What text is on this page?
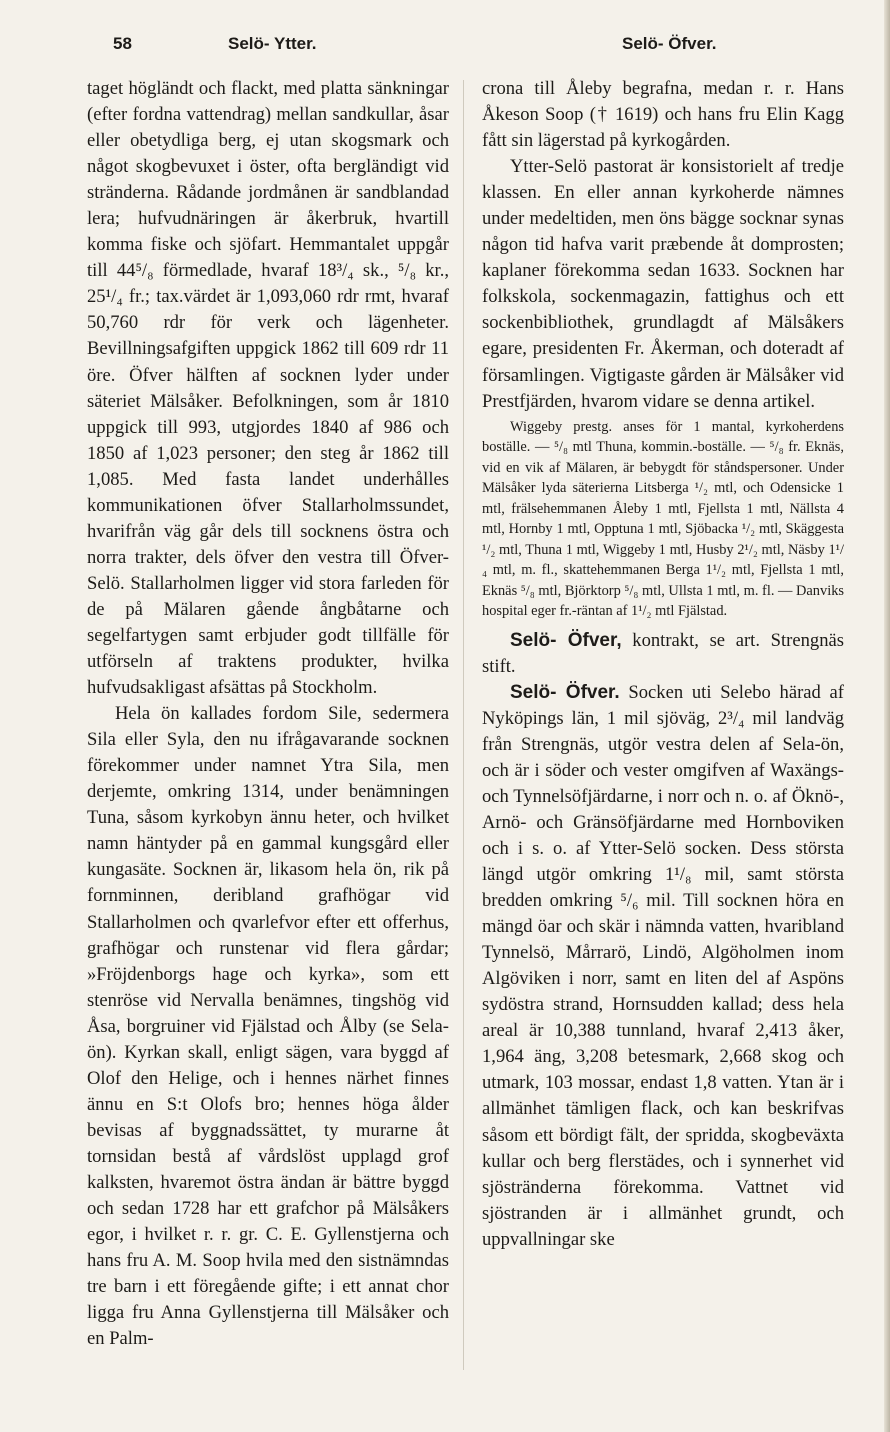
58	Selö- Ytter.	Selö- Öfver.

taget högländt och flackt, med platta sänkningar (efter fordna vattendrag) mellan sandkullar, åsar eller obetydliga berg, ej utan skogsmark och något skogbevuxet i öster, ofta bergländigt vid stränderna. Rådande jordmånen är sandblandad lera; hufvudnäringen är åkerbruk, hvartill komma fiske och sjöfart. Hemmantalet uppgår till 44⁵/₈ förmedlade, hvaraf 18³/₄ sk., ⁵/₈ kr., 25¹/₄ fr.; tax.värdet är 1,093,060 rdr rmt, hvaraf 50,760 rdr för verk och lägenheter. Bevillningsafgiften uppgick 1862 till 609 rdr 11 öre. Öfver hälften af socknen lyder under säteriet Mälsåker. Befolkningen, som år 1810 uppgick till 993, utgjordes 1840 af 986 och 1850 af 1,023 personer; den steg år 1862 till 1,085. Med fasta landet underhålles kommunikationen öfver Stallarholmssundet, hvarifrån väg går dels till socknens östra och norra trakter, dels öfver den vestra till Öfver-Selö. Stallarholmen ligger vid stora farleden för de på Mälaren gående ångbåtarne och segelfartygen samt erbjuder godt tillfälle för utförseln af traktens produkter, hvilka hufvudsakligast afsättas på Stockholm.

Hela ön kallades fordom Sile, sedermera Sila eller Syla, den nu ifrågavarande socknen förekommer under namnet Ytra Sila, men derjemte, omkring 1314, under benämningen Tuna, såsom kyrkobyn ännu heter, och hvilket namn häntyder på en gammal kungsgård eller kungasäte. Socknen är, likasom hela ön, rik på fornminnen, deribland grafhögar vid Stallarholmen och qvarlefvor efter ett offerhus, grafhögar och runstenar vid flera gårdar; »Fröjdenborgs hage och kyrka», som ett stenröse vid Nervalla benämnes, tingshög vid Åsa, borgruiner vid Fjälstad och Ålby (se Sela-ön). Kyrkan skall, enligt sägen, vara byggd af Olof den Helige, och i hennes närhet finnes ännu en S:t Olofs bro; hennes höga ålder bevisas af byggnadssättet, ty murarne åt tornsidan bestå af vårdslöst upplagd grof kalksten, hvaremot östra ändan är bättre byggd och sedan 1728 har ett grafchor på Mälsåkers egor, i hvilket r. r. gr. C. E. Gyllenstjerna och hans fru A. M. Soop hvila med den sistnämndas tre barn i ett föregående gifte; i ett annat chor ligga fru Anna Gyllenstjerna till Mälsåker och en Palm-

crona till Åleby begrafna, medan r. r. Hans Åkeson Soop († 1619) och hans fru Elin Kagg fått sin lägerstad på kyrkogården.

Ytter-Selö pastorat är konsistorielt af tredje klassen. En eller annan kyrkoherde nämnes under medeltiden, men öns bägge socknar synas någon tid hafva varit præbende åt domprosten; kaplaner förekomma sedan 1633. Socknen har folkskola, sockenmagazin, fattighus och ett sockenbibliothek, grundlagdt af Mälsåkers egare, presidenten Fr. Åkerman, och doteradt af församlingen. Vigtigaste gården är Mälsåker vid Prestfjärden, hvarom vidare se denna artikel.

Wiggeby prestg. anses för 1 mantal, kyrkoherdens boställe. — ⁵/₈ mtl Thuna, kommin.-boställe. — ⁵/₈ fr. Eknäs, vid en vik af Mälaren, är bebygdt för ståndspersoner. Under Mälsåker lyda säterierna Litsberga ¹/₂ mtl, och Odensicke 1 mtl, frälsehemmanen Åleby 1 mtl, Fjellsta 1 mtl, Nällsta 4 mtl, Hornby 1 mtl, Opptuna 1 mtl, Sjöbacka ¹/₂ mtl, Skäggesta ¹/₂ mtl, Thuna 1 mtl, Wiggeby 1 mtl, Husby 2¹/₂ mtl, Näsby 1¹/₄ mtl, m. fl., skattehemmanen Berga 1¹/₂ mtl, Fjellsta 1 mtl, Eknäs ⁵/₈ mtl, Björktorp ⁵/₈ mtl, Ullsta 1 mtl, m. fl. — Danviks hospital eger fr.-räntan af 1¹/₂ mtl Fjälstad.

Selö- Öfver, kontrakt, se art. Strengnäs stift.

Selö- Öfver. Socken uti Selebo härad af Nyköpings län, 1 mil sjöväg, 2³/₄ mil landväg från Strengnäs, utgör vestra delen af Sela-ön, och är i söder och vester omgifven af Waxängs- och Tynnelsöfjärdarne, i norr och n. o. af Öknö-, Arnö- och Gränsöfjärdarne med Hornboviken och i s. o. af Ytter-Selö socken. Dess största längd utgör omkring 1¹/₈ mil, samt största bredden omkring ⁵/₆ mil. Till socknen höra en mängd öar och skär i nämnda vatten, hvaribland Tynnelsö, Mårrarö, Lindö, Algöholmen inom Algöviken i norr, samt en liten del af Aspöns sydöstra strand, Hornsudden kallad; dess hela areal är 10,388 tunnland, hvaraf 2,413 åker, 1,964 äng, 3,208 betesmark, 2,668 skog och utmark, 103 mossar, endast 1,8 vatten. Ytan är i allmänhet tämligen flack, och kan beskrifvas såsom ett bördigt fält, der spridda, skogbeväxta kullar och berg flerstädes, och i synnerhet vid sjöstränderna förekomma. Vattnet vid sjöstranden är i allmänhet grundt, och uppvallningar ske
